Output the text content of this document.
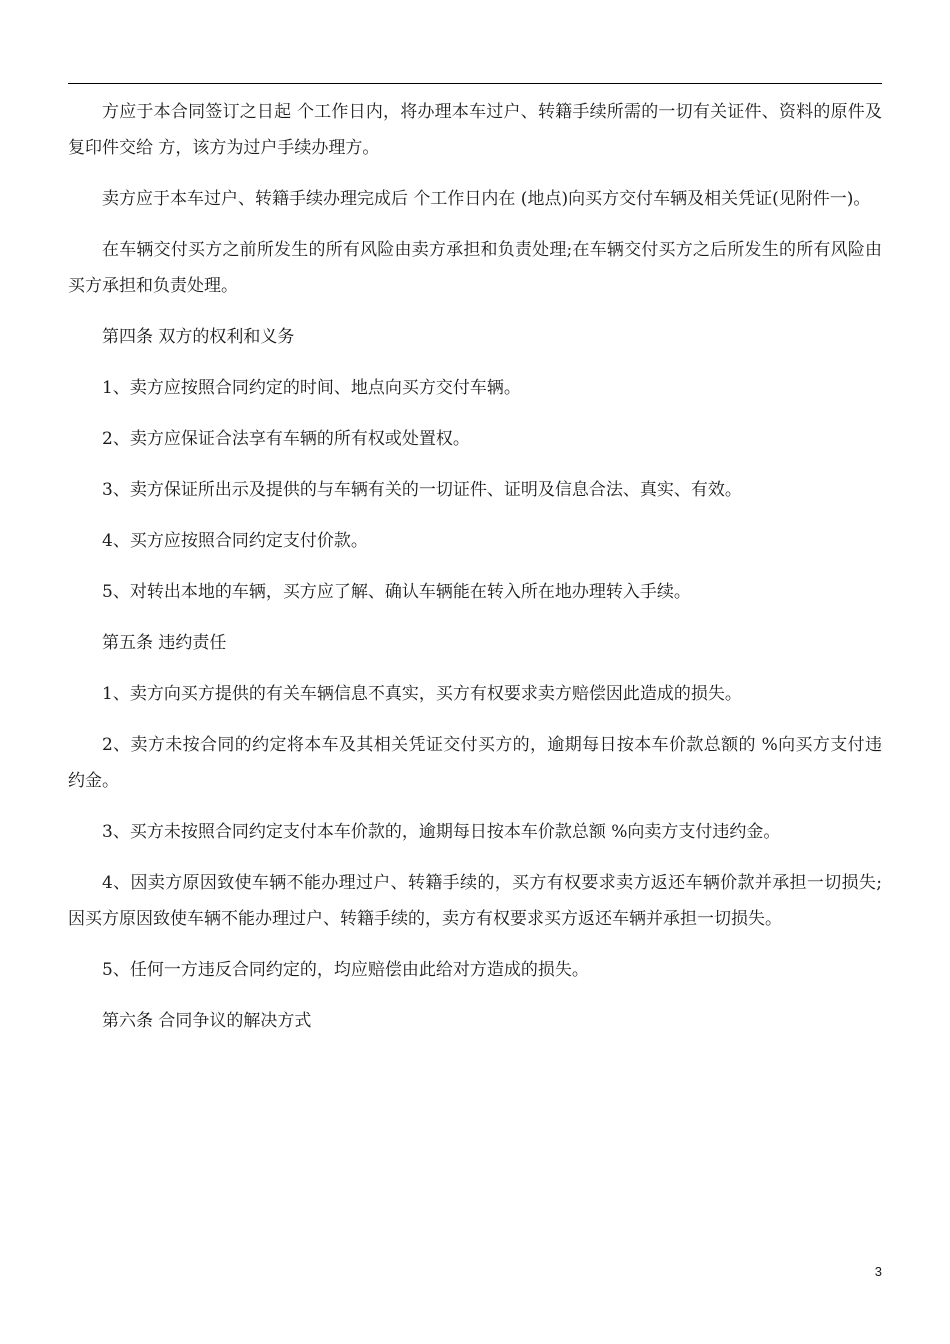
方应于本合同签订之日起 个工作日内，将办理本车过户、转籍手续所需的一切有关证件、资料的原件及复印件交给 方，该方为过户手续办理方。

卖方应于本车过户、转籍手续办理完成后 个工作日内在 (地点)向买方交付车辆及相关凭证(见附件一)。

在车辆交付买方之前所发生的所有风险由卖方承担和负责处理;在车辆交付买方之后所发生的所有风险由买方承担和负责处理。

第四条 双方的权利和义务

1、卖方应按照合同约定的时间、地点向买方交付车辆。

2、卖方应保证合法享有车辆的所有权或处置权。

3、卖方保证所出示及提供的与车辆有关的一切证件、证明及信息合法、真实、有效。

4、买方应按照合同约定支付价款。

5、对转出本地的车辆，买方应了解、确认车辆能在转入所在地办理转入手续。

第五条 违约责任

1、卖方向买方提供的有关车辆信息不真实，买方有权要求卖方赔偿因此造成的损失。

2、卖方未按合同的约定将本车及其相关凭证交付买方的，逾期每日按本车价款总额的 %向买方支付违约金。

3、买方未按照合同约定支付本车价款的，逾期每日按本车价款总额 %向卖方支付违约金。

4、因卖方原因致使车辆不能办理过户、转籍手续的，买方有权要求卖方返还车辆价款并承担一切损失;因买方原因致使车辆不能办理过户、转籍手续的，卖方有权要求买方返还车辆并承担一切损失。

5、任何一方违反合同约定的，均应赔偿由此给对方造成的损失。

第六条 合同争议的解决方式

3
